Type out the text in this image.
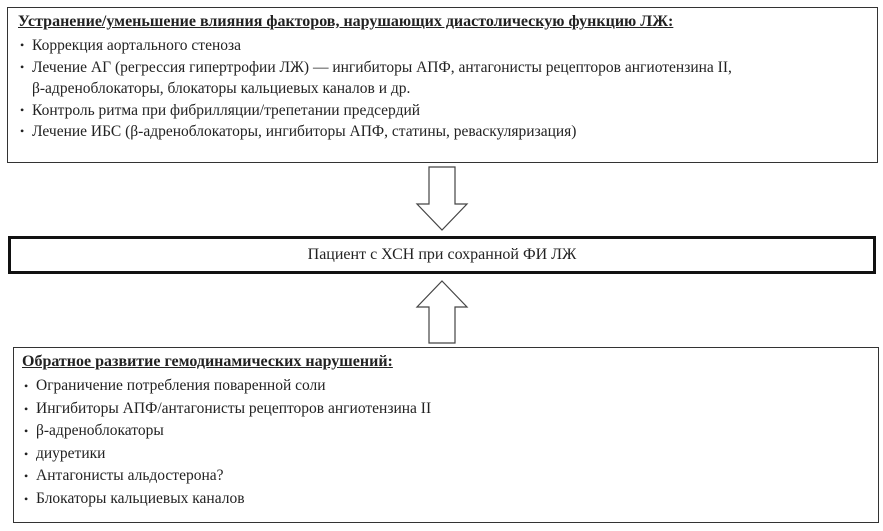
Устранение/уменьшение влияния факторов, нарушающих диастолическую функцию ЛЖ:
• Коррекция аортального стеноза
• Лечение АГ (регрессия гипертрофии ЛЖ) — ингибиторы АПФ, антагонисты рецепторов ангиотензина II,
β-адреноблокаторы, блокаторы кальциевых каналов и др.
• Контроль ритма при фибрилляции/трепетании предсердий
• Лечение ИБС (β-адреноблокаторы, ингибиторы АПФ, статины, реваскуляризация)
Пациент с ХСН при сохранной ФИ ЛЖ
Обратное развитие гемодинамических нарушений:
• Ограничение потребления поваренной соли
• Ингибиторы АПФ/антагонисты рецепторов ангиотензина II
• β-адреноблокаторы
• диуретики
• Антагонисты альдостерона?
• Блокаторы кальциевых каналов
